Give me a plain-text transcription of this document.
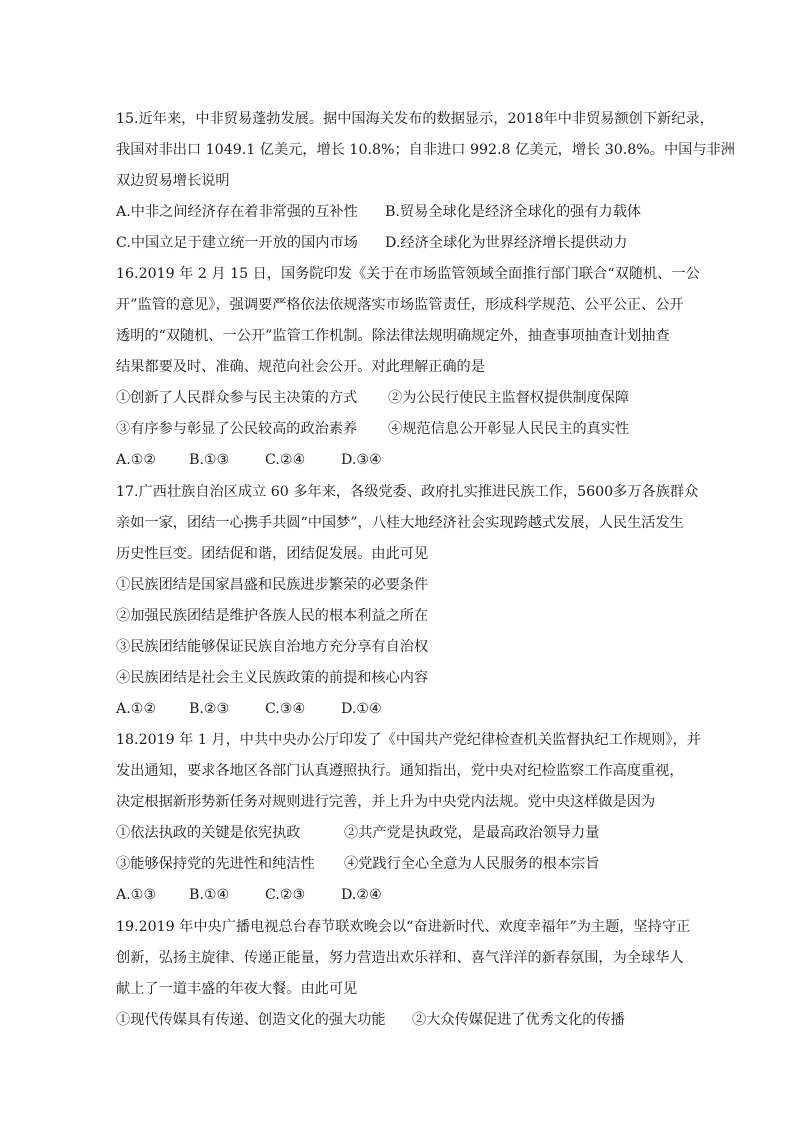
15.近年来，中非贸易蓬勃发展。据中国海关发布的数据显示，2018年中非贸易额创下新纪录，
我国对非出口 1049.1 亿美元，增长 10.8%；自非进口 992.8 亿美元，增长 30.8%。中国与非洲
双边贸易增长说明
A.中非之间经济存在着非常强的互补性 B.贸易全球化是经济全球化的强有力载体
C.中国立足于建立统一开放的国内市场 D.经济全球化为世界经济增长提供动力
16.2019 年 2 月 15 日，国务院印发《关于在市场监管领域全面推行部门联合“双随机、一公
开”监管的意见》，强调要严格依法依规落实市场监管责任，形成科学规范、公平公正、公开
透明的“双随机、一公开”监管工作机制。除法律法规明确规定外，抽查事项抽查计划抽查
结果都要及时、准确、规范向社会公开。对此理解正确的是
①创新了人民群众参与民主决策的方式 ②为公民行使民主监督权提供制度保障
③有序参与彰显了公民较高的政治素养 ④规范信息公开彰显人民民主的真实性
A.①② B.①③	C.②④	D.③④
17.广西壮族自治区成立 60 多年来，各级党委、政府扎实推进民族工作，5600多万各族群众
亲如一家，团结一心携手共圆“中国梦”，八桂大地经济社会实现跨越式发展，人民生活发生
历史性巨变。团结促和谐，团结促发展。由此可见
①民族团结是国家昌盛和民族进步繁荣的必要条件
②加强民族团结是维护各族人民的根本利益之所在
③民族团结能够保证民族自治地方充分享有自治权
④民族团结是社会主义民族政策的前提和核心内容
A.①② B.②③	C.③④	D.①④
18.2019 年 1 月，中共中央办公厅印发了《中国共产党纪律检查机关监督执纪工作规则》，并
发出通知，要求各地区各部门认真遵照执行。通知指出，党中央对纪检监察工作高度重视，
决定根据新形势新任务对规则进行完善，并上升为中央党内法规。党中央这样做是因为
①依法执政的关键是依宪执政	②共产党是执政党，是最高政治领导力量
③能够保持党的先进性和纯洁性 ④党践行全心全意为人民服务的根本宗旨
A.①③ B.①④	C.②③	D.②④
19.2019 年中央广播电视总台春节联欢晚会以“奋进新时代、欢度幸福年”为主题，坚持守正
创新，弘扬主旋律、传递正能量，努力营造出欢乐祥和、喜气洋洋的新春氛围，为全球华人
献上了一道丰盛的年夜大餐。由此可见
①现代传媒具有传递、创造文化的强大功能 ②大众传媒促进了优秀文化的传播
